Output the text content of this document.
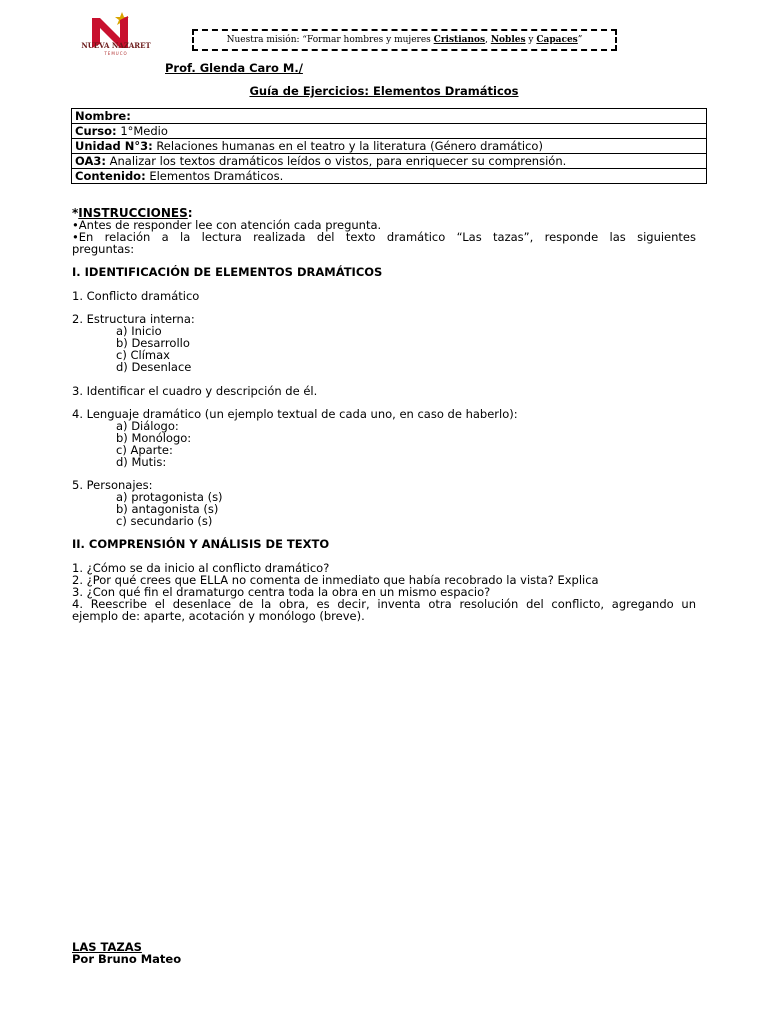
NUEVA NAZARET
TEMUCO
Nuestra misión: “Formar hombres y mujeres Cristianos, Nobles y Capaces”
Prof. Glenda Caro M./
Guía de Ejercicios: Elementos Dramáticos
Nombre:
Curso: 1°Medio
Unidad N°3: Relaciones humanas en el teatro y la literatura (Género dramático)
OA3: Analizar los textos dramáticos leídos o vistos, para enriquecer su comprensión.
Contenido: Elementos Dramáticos.
*INSTRUCCIONES:
•Antes de responder lee con atención cada pregunta.
•En relación a la lectura realizada del texto dramático “Las tazas”, responde las siguientes
preguntas:
I. IDENTIFICACIÓN DE ELEMENTOS DRAMÁTICOS
1. Conflicto dramático
2. Estructura interna:
a) Inicio
b) Desarrollo
c) Clímax
d) Desenlace
3. Identificar el cuadro y descripción de él.
4. Lenguaje dramático (un ejemplo textual de cada uno, en caso de haberlo):
a) Diálogo:
b) Monólogo:
c) Aparte:
d) Mutis:
5. Personajes:
a) protagonista (s)
b) antagonista (s)
c) secundario (s)
II. COMPRENSIÓN Y ANÁLISIS DE TEXTO
1. ¿Cómo se da inicio al conflicto dramático?
2. ¿Por qué crees que ELLA no comenta de inmediato que había recobrado la vista? Explica
3. ¿Con qué fin el dramaturgo centra toda la obra en un mismo espacio?
4. Reescribe el desenlace de la obra, es decir, inventa otra resolución del conflicto, agregando un
ejemplo de: aparte, acotación y monólogo (breve).
LAS TAZAS
Por Bruno Mateo
